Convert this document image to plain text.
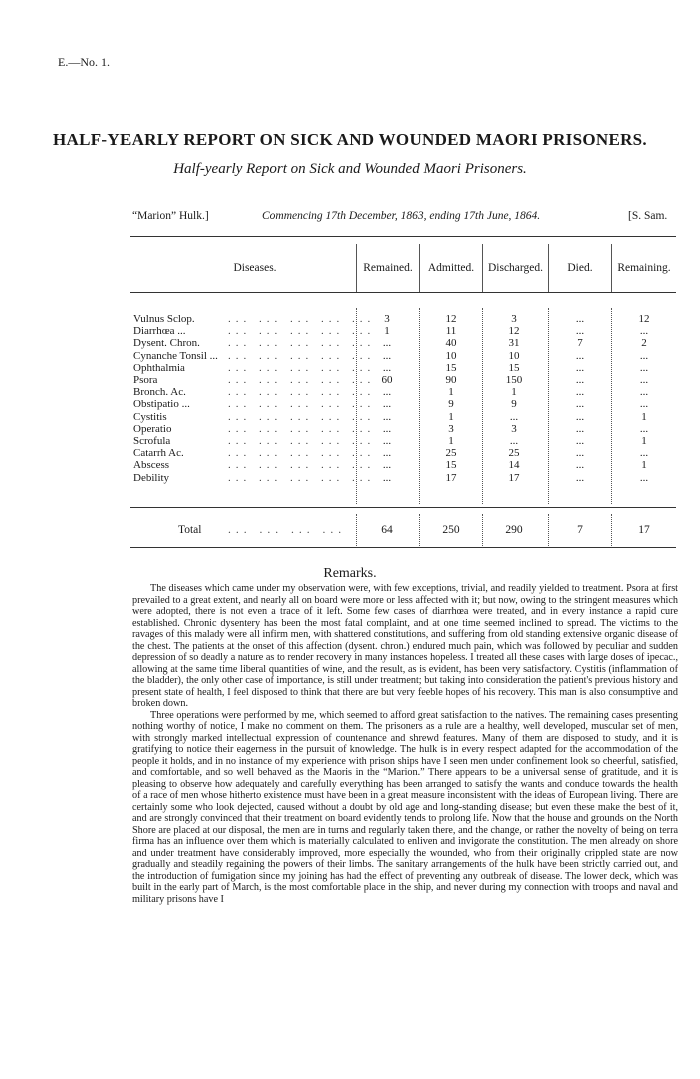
E.—No. 1.
HALF-YEARLY REPORT ON SICK AND WOUNDED MAORI PRISONERS.
Half-yearly Report on Sick and Wounded Maori Prisoners.
“Marion” Hulk.]	Commencing 17th December, 1863, ending 17th June, 1864.	[S. Sam.
Diseases.	Remained.	Admitted.	Discharged.	Died.	Remaining.
Vulnus Sclop.	3	12	3	...	12
... ... ... ... ...
Diarrhœa ...	1	11	12	...	...
... ... ... ... ...
Dysent. Chron.	...	40	31	7	2
... ... ... ... ...
Cynanche Tonsil ...	...	10	10	...	...
... ... ... ... ...
Ophthalmia	...	15	15	...	...
... ... ... ... ...
Psora	60	90	150	...	...
... ... ... ... ...
Bronch. Ac.	...	1	1	...	...
... ... ... ... ...
Obstipatio ...	...	9	9	...	...
... ... ... ... ...
Cystitis	...	1	...	...	1
... ... ... ... ...
Operatio	...	3	3	...	...
... ... ... ... ...
Scrofula	...	1	...	...	1
... ... ... ... ...
Catarrh Ac.	...	25	25	...	...
... ... ... ... ...
Abscess	...	15	14	...	1
... ... ... ... ...
Debility	...	17	17	...	...
... ... ... ... ...
Total ... ... ... ...	64	250	290	7	17
Remarks.

The diseases which came under my observation were, with few exceptions, trivial, and readily yielded to treatment. Psora at first prevailed to a great extent, and nearly all on board were more or less affected with it; but now, owing to the stringent measures which were adopted, there is not even a trace of it left. Some few cases of diarrhœa were treated, and in every instance a rapid cure established. Chronic dysentery has been the most fatal complaint, and at one time seemed inclined to spread. The victims to the ravages of this malady were all infirm men, with shattered constitutions, and suffering from old standing extensive organic disease of the chest. The patients at the onset of this affection (dysent. chron.) endured much pain, which was followed by peculiar and sudden depression of so deadly a nature as to render recovery in many instances hopeless. I treated all these cases with large doses of ipecac., allowing at the same time liberal quantities of wine, and the result, as is evident, has been very satisfactory. Cystitis (inflammation of the bladder), the only other case of importance, is still under treatment; but taking into consideration the patient's previous history and present state of health, I feel disposed to think that there are but very feeble hopes of his recovery. This man is also consumptive and broken down.

Three operations were performed by me, which seemed to afford great satisfaction to the natives. The remaining cases presenting nothing worthy of notice, I make no comment on them. The prisoners as a rule are a healthy, well developed, muscular set of men, with strongly marked intellectual expression of countenance and shrewd features. Many of them are disposed to study, and it is gratifying to notice their eagerness in the pursuit of knowledge. The hulk is in every respect adapted for the accommodation of the people it holds, and in no instance of my experience with prison ships have I seen men under confinement look so cheerful, satisfied, and comfortable, and so well behaved as the Maoris in the “Marion.” There appears to be a universal sense of gratitude, and it is pleasing to observe how adequately and carefully everything has been arranged to satisfy the wants and conduce towards the health of a race of men whose hitherto existence must have been in a great measure inconsistent with the ideas of European living. There are certainly some who look dejected, caused without a doubt by old age and long-standing disease; but even these make the best of it, and are strongly convinced that their treatment on board evidently tends to prolong life. Now that the house and grounds on the North Shore are placed at our disposal, the men are in turns and regularly taken there, and the change, or rather the novelty of being on terra firma has an influence over them which is materially calculated to enliven and invigorate the constitution. The men already on shore and under treatment have considerably improved, more especially the wounded, who from their originally crippled state are now gradually and steadily regaining the powers of their limbs. The sanitary arrangements of the hulk have been strictly carried out, and the introduction of fumigation since my joining has had the effect of preventing any outbreak of disease. The lower deck, which was built in the early part of March, is the most comfortable place in the ship, and never during my connection with troops and naval and military prisons have I
